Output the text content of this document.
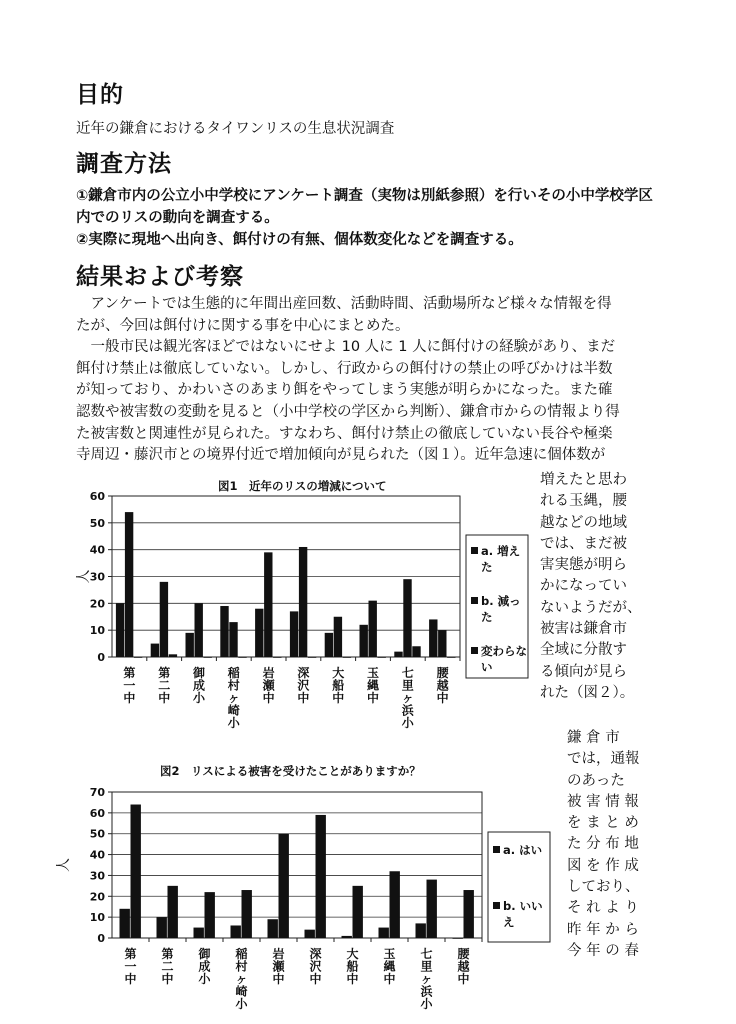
目的
近年の鎌倉におけるタイワンリスの生息状況調査
調査方法
①鎌倉市内の公立小中学校にアンケート調査（実物は別紙参照）を行いその小中学校学区
内でのリスの動向を調査する。
②実際に現地へ出向き、餌付けの有無、個体数変化などを調査する。
結果および考察

　アンケートでは生態的に年間出産回数、活動時間、活動場所など様々な情報を得

たが、今回は餌付けに関する事を中心にまとめた。

　一般市民は観光客ほどではないにせよ 10 人に 1 人に餌付けの経験があり、まだ

餌付け禁止は徹底していない。しかし、行政からの餌付けの禁止の呼びかけは半数

が知っており、かわいさのあまり餌をやってしまう実態が明らかになった。また確

認数や被害数の変動を見ると（小中学校の学区から判断）、鎌倉市からの情報より得

た被害数と関連性が見られた。すなわち、餌付け禁止の徹底していない長谷や極楽

寺周辺・藤沢市との境界付近で増加傾向が見られた（図１）。近年急速に個体数が

増えたと思わ
れる玉縄，腰
越などの地域
では、まだ被
害実態が明ら
かになってい
ないようだが、
被害は鎌倉市
全域に分散す
る傾向が見ら
れた（図２）。
鎌 倉 市
では，通報
のあった
被 害 情 報
を ま と め
た 分 布 地
図 を 作 成
しており、
そ れ よ り
昨 年 か ら
今 年 の 春
図1　近年のリスの増減について
0
10
20
30
40
50
60
人
第一中
第二中
御成小
稲村ヶ崎小
岩瀬中
深沢中
大船中
玉縄中
七里ヶ浜小
腰越中
a. 増え
た
b. 減っ
た
変わらな
い
図2　リスによる被害を受けたことがありますか？
0
10
20
30
40
50
60
70
人
第一中
第二中
御成小
稲村ヶ崎小
岩瀬中
深沢中
大船中
玉縄中
七里ヶ浜小
腰越中
a. はい
b. いい
え
